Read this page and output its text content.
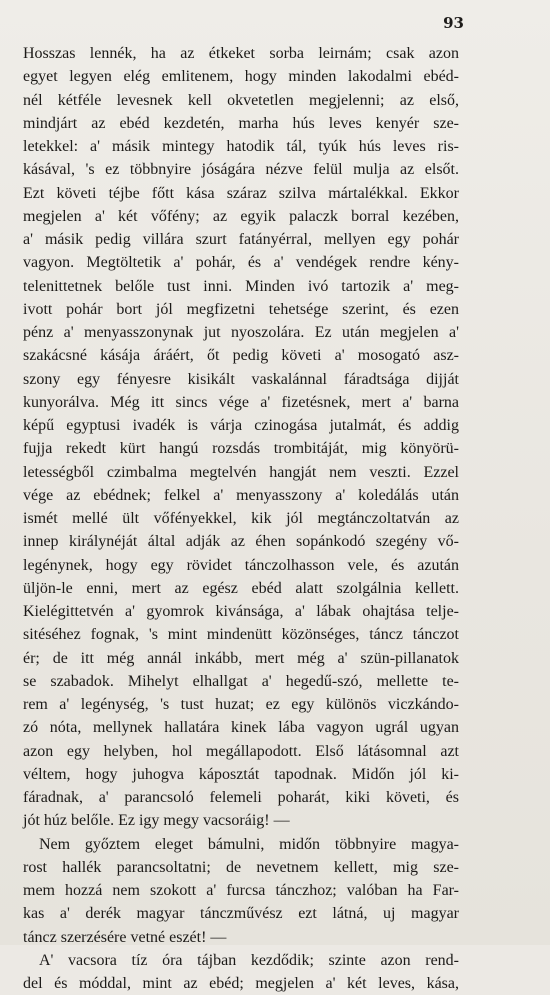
93
Hosszas lennék, ha az étkeket sorba leirnám; csak azon
egyet legyen elég emlitenem, hogy minden lakodalmi ebéd-
nél kétféle levesnek kell okvetetlen megjelenni; az első,
mindjárt az ebéd kezdetén, marha hús leves kenyér sze-
letekkel: a' másik mintegy hatodik tál, tyúk hús leves ris-
kásával, 's ez többnyire jóságára nézve felül mulja az elsőt.
Ezt követi téjbe főtt kása száraz szilva mártalékkal. Ekkor
megjelen a' két vőfény; az egyik palaczk borral kezében,
a' másik pedig villára szurt fatányérral, mellyen egy pohár
vagyon. Megtöltetik a' pohár, és a' vendégek rendre kény-
telenittetnek belőle tust inni. Minden ivó tartozik a' meg-
ivott pohár bort jól megfizetni tehetsége szerint, és ezen
pénz a' menyasszonynak jut nyoszolára. Ez után megjelen a'
szakácsné kásája áráért, őt pedig követi a' mosogató asz-
szony egy fényesre kisikált vaskalánnal fáradtsága dijját
kunyorálva. Még itt sincs vége a' fizetésnek, mert a' barna
képű egyptusi ivadék is várja czinogása jutalmát, és addig
fujja rekedt kürt hangú rozsdás trombitáját, mig könyörü-
letességből czimbalma megtelvén hangját nem veszti. Ezzel
vége az ebédnek; felkel a' menyasszony a' koledálás után
ismét mellé ült vőfényekkel, kik jól megtánczoltatván az
innep királynéját által adják az éhen sopánkodó szegény vő-
legénynek, hogy egy rövidet tánczolhasson vele, és azután
üljön-le enni, mert az egész ebéd alatt szolgálnia kellett.
Kielégittetvén a' gyomrok kivánsága, a' lábak ohajtása telje-
sitéséhez fognak, 's mint mindenütt közönséges, táncz tánczot
ér; de itt még annál inkább, mert még a' szün-pillanatok
se szabadok. Mihelyt elhallgat a' hegedű-szó, mellette te-
rem a' legénység, 's tust huzat; ez egy különös viczkándo-
zó nóta, mellynek hallatára kinek lába vagyon ugrál ugyan
azon egy helyben, hol megállapodott. Első látásomnal azt
véltem, hogy juhogva káposztát tapodnak. Midőn jól ki-
fáradnak, a' parancsoló felemeli poharát, kiki követi, és
jót húz belőle. Ez igy megy vacsoráig! —
Nem győztem eleget bámulni, midőn többnyire magya-
rost hallék parancsoltatni; de nevetnem kellett, mig sze-
mem hozzá nem szokott a' furcsa tánczhoz; valóban ha Far-
kas a' derék magyar tánczművész ezt látná, uj magyar
táncz szerzésére vetné eszét! —
A' vacsora tíz óra tájban kezdődik; szinte azon rend-
del és móddal, mint az ebéd; megjelen a' két leves, kása,
